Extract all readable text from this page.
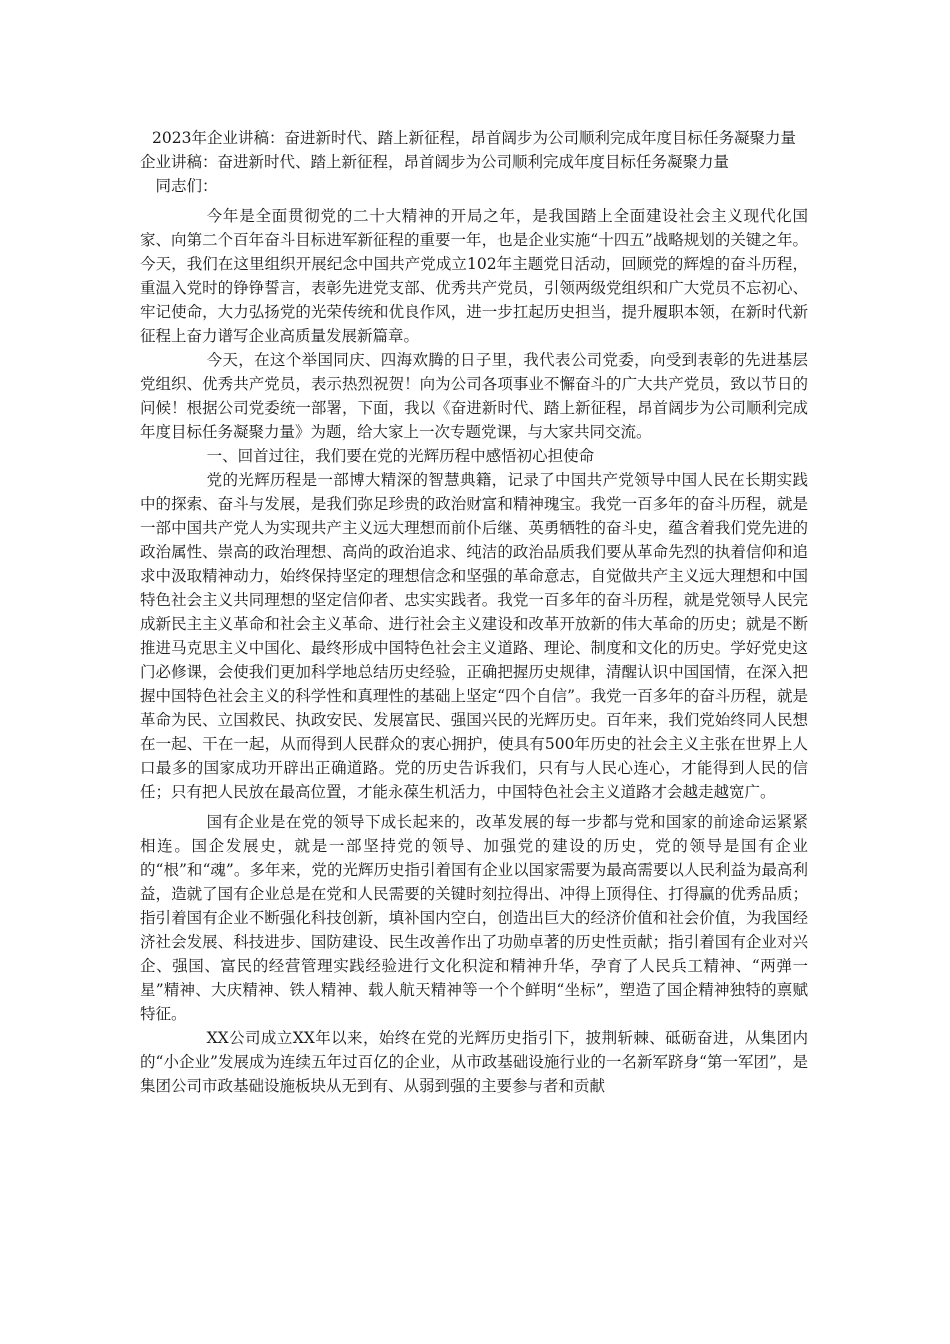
2023年企业讲稿：奋进新时代、踏上新征程，昂首阔步为公司顺利完成年度目标任务凝聚力量

企业讲稿：奋进新时代、踏上新征程，昂首阔步为公司顺利完成年度目标任务凝聚力量

同志们：

今年是全面贯彻党的二十大精神的开局之年，是我国踏上全面建设社会主义现代化国家、向第二个百年奋斗目标进军新征程的重要一年，也是企业实施“十四五”战略规划的关键之年。今天，我们在这里组织开展纪念中国共产党成立102年主题党日活动，回顾党的辉煌的奋斗历程，重温入党时的铮铮誓言，表彰先进党支部、优秀共产党员，引领两级党组织和广大党员不忘初心、牢记使命，大力弘扬党的光荣传统和优良作风，进一步扛起历史担当，提升履职本领，在新时代新征程上奋力谱写企业高质量发展新篇章。

今天，在这个举国同庆、四海欢腾的日子里，我代表公司党委，向受到表彰的先进基层党组织、优秀共产党员，表示热烈祝贺！向为公司各项事业不懈奋斗的广大共产党员，致以节日的问候！根据公司党委统一部署，下面，我以《奋进新时代、踏上新征程，昂首阔步为公司顺利完成年度目标任务凝聚力量》为题，给大家上一次专题党课，与大家共同交流。

一、回首过往，我们要在党的光辉历程中感悟初心担使命

党的光辉历程是一部博大精深的智慧典籍，记录了中国共产党领导中国人民在长期实践中的探索、奋斗与发展，是我们弥足珍贵的政治财富和精神瑰宝。我党一百多年的奋斗历程，就是一部中国共产党人为实现共产主义远大理想而前仆后继、英勇牺牲的奋斗史，蕴含着我们党先进的政治属性、崇高的政治理想、高尚的政治追求、纯洁的政治品质我们要从革命先烈的执着信仰和追求中汲取精神动力，始终保持坚定的理想信念和坚强的革命意志，自觉做共产主义远大理想和中国特色社会主义共同理想的坚定信仰者、忠实实践者。我党一百多年的奋斗历程，就是党领导人民完成新民主主义革命和社会主义革命、进行社会主义建设和改革开放新的伟大革命的历史；就是不断推进马克思主义中国化、最终形成中国特色社会主义道路、理论、制度和文化的历史。学好党史这门必修课，会使我们更加科学地总结历史经验，正确把握历史规律，清醒认识中国国情，在深入把握中国特色社会主义的科学性和真理性的基础上坚定“四个自信”。我党一百多年的奋斗历程，就是革命为民、立国救民、执政安民、发展富民、强国兴民的光辉历史。百年来，我们党始终同人民想在一起、干在一起，从而得到人民群众的衷心拥护，使具有500年历史的社会主义主张在世界上人口最多的国家成功开辟出正确道路。党的历史告诉我们，只有与人民心连心，才能得到人民的信任；只有把人民放在最高位置，才能永葆生机活力，中国特色社会主义道路才会越走越宽广。

国有企业是在党的领导下成长起来的，改革发展的每一步都与党和国家的前途命运紧紧相连。国企发展史，就是一部坚持党的领导、加强党的建设的历史，党的领导是国有企业的“根”和“魂”。多年来，党的光辉历史指引着国有企业以国家需要为最高需要以人民利益为最高利益，造就了国有企业总是在党和人民需要的关键时刻拉得出、冲得上顶得住、打得赢的优秀品质；指引着国有企业不断强化科技创新，填补国内空白，创造出巨大的经济价值和社会价值，为我国经济社会发展、科技进步、国防建设、民生改善作出了功勋卓著的历史性贡献；指引着国有企业对兴企、强国、富民的经营管理实践经验进行文化积淀和精神升华，孕育了人民兵工精神、“两弹一星”精神、大庆精神、铁人精神、载人航天精神等一个个鲜明“坐标”，塑造了国企精神独特的禀赋特征。

XX公司成立XX年以来，始终在党的光辉历史指引下，披荆斩棘、砥砺奋进，从集团内的“小企业”发展成为连续五年过百亿的企业，从市政基础设施行业的一名新军跻身“第一军团”，是集团公司市政基础设施板块从无到有、从弱到强的主要参与者和贡献
